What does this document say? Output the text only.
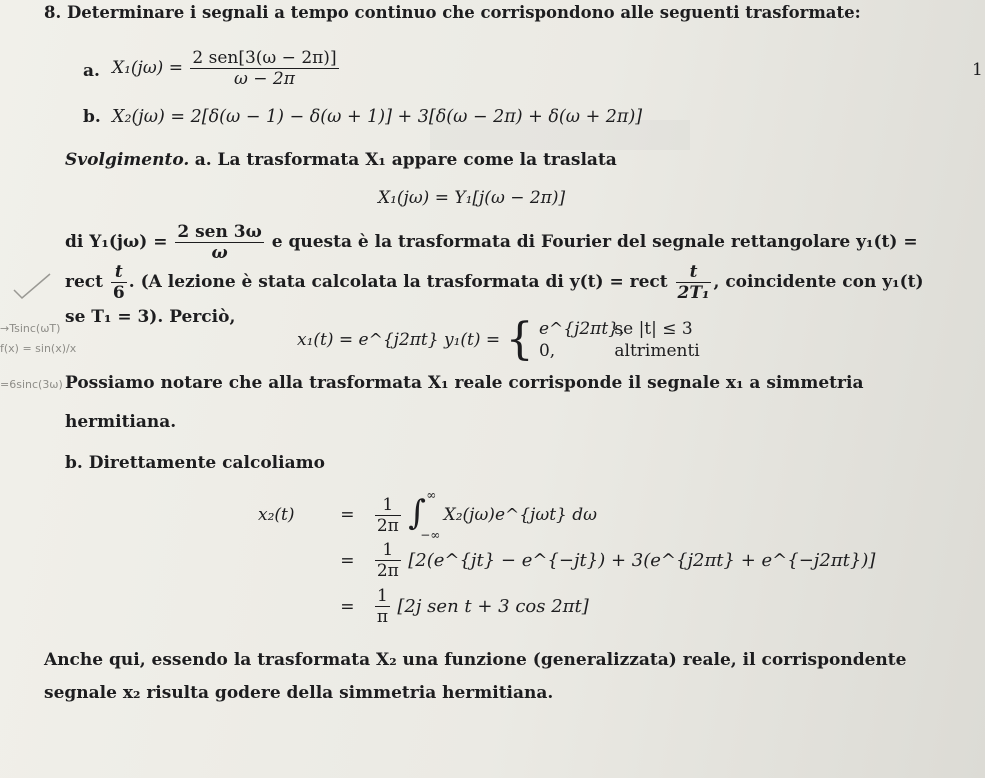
8. Determinare i segnali a tempo continuo che corrispondono alle seguenti trasformate:
a. $X_1(j\omega) = \frac{\text{2 sen[3(ω − 2π)]}}{\omega - 2\pi}$	1
b. X₂(jω) = 2[δ(ω − 1) − δ(ω + 1)] + 3[δ(ω − 2π) + δ(ω + 2π)]
Svolgimento. a. La trasformata X₁ appare come la traslata
X₁(jω) = Y₁[j(ω − 2π)]
di $Y_1(j\omega) = \frac{\text{2 sen 3ω}}{\omega}$ e questa è la trasformata di Fourier del segnale rettangolare y₁(t) =
rect $\frac{t}{6}$ . (A lezione è stata calcolata la trasformata di y(t) = rect $\frac{t}{\text{2T₁}}$ , coincidente con y₁(t)
se T₁ = 3). Perciò,
x₁(t) = e^{j2πt} y₁(t) = { e^{j2πt}, se |t| ≤ 3
0,	altrimenti
Possiamo notare che alla trasformata X₁ reale corrisponde il segnale x₁ a simmetria
hermitiana.
b. Direttamente calcoliamo
x₂(t)	= $\frac{1}{2\pi}$
∫ ∞
−∞
X₂(jω)e^{jωt} dω
= $\frac{1}{2\pi}$ [2(e^{jt} − e^{−jt}) + 3(e^{j2πt} + e^{−j2πt})]
= $\frac{1}{\pi} [2j$ sen t + 3 cos 2πt]
Anche qui, essendo la trasformata X₂ una funzione (generalizzata) reale, il corrispondente
segnale x₂ risulta godere della simmetria hermitiana.
→Tsinc(ωT)
f(x) = sin(x)/x
=6sinc(3ω)
